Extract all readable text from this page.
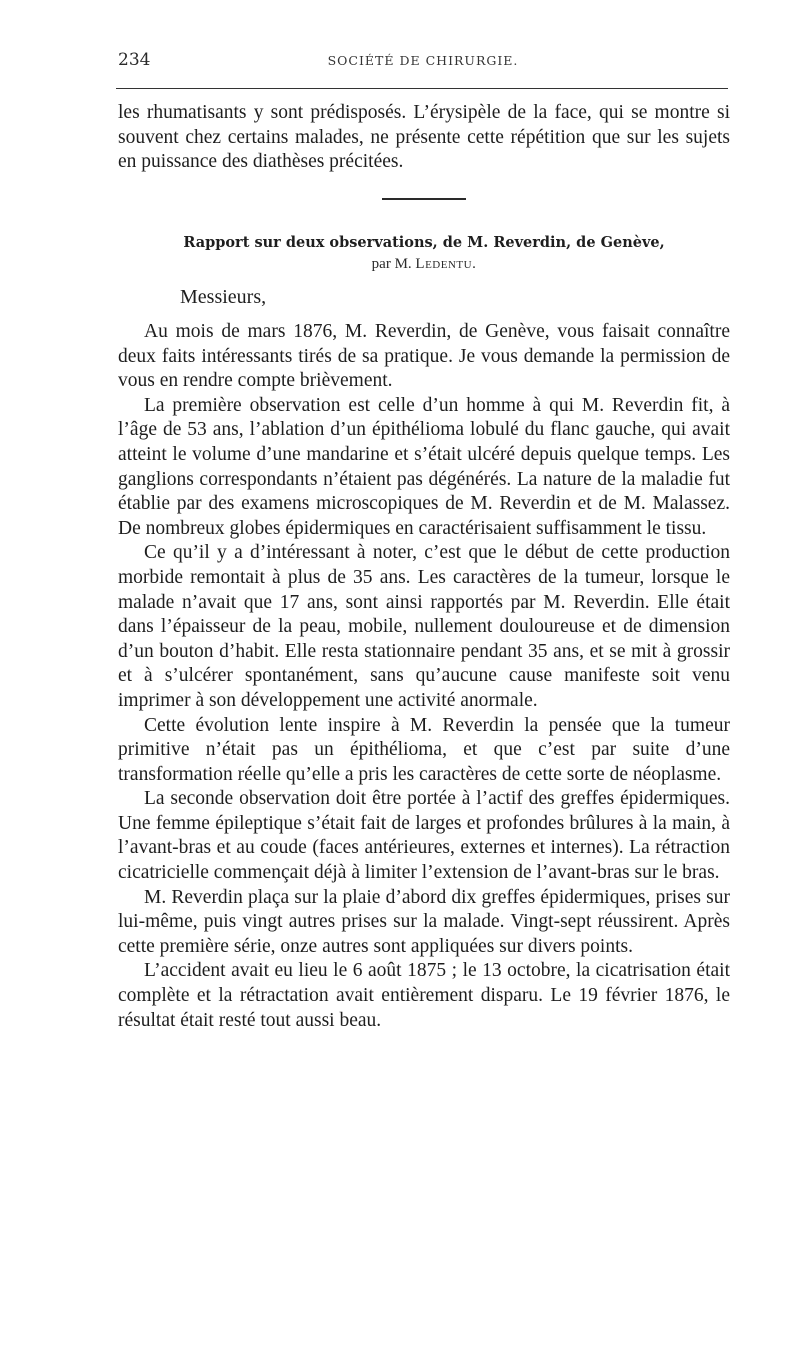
234	SOCIÉTÉ DE CHIRURGIE.

les rhumatisants y sont prédisposés. L’érysipèle de la face, qui se montre si souvent chez certains malades, ne présente cette répétition que sur les sujets en puissance des diathèses précitées.

Rapport sur deux observations, de M. Reverdin, de Genève,
par M. Ledentu.
Messieurs,

Au mois de mars 1876, M. Reverdin, de Genève, vous faisait connaître deux faits intéressants tirés de sa pratique. Je vous demande la permission de vous en rendre compte brièvement.

La première observation est celle d’un homme à qui M. Reverdin fit, à l’âge de 53 ans, l’ablation d’un épithélioma lobulé du flanc gauche, qui avait atteint le volume d’une mandarine et s’était ulcéré depuis quelque temps. Les ganglions correspondants n’étaient pas dégénérés. La nature de la maladie fut établie par des examens microscopiques de M. Reverdin et de M. Malassez. De nombreux globes épidermiques en caractérisaient suffisamment le tissu.

Ce qu’il y a d’intéressant à noter, c’est que le début de cette production morbide remontait à plus de 35 ans. Les caractères de la tumeur, lorsque le malade n’avait que 17 ans, sont ainsi rapportés par M. Reverdin. Elle était dans l’épaisseur de la peau, mobile, nullement douloureuse et de dimension d’un bouton d’habit. Elle resta stationnaire pendant 35 ans, et se mit à grossir et à s’ulcérer spontanément, sans qu’aucune cause manifeste soit venu imprimer à son développement une activité anormale.

Cette évolution lente inspire à M. Reverdin la pensée que la tumeur primitive n’était pas un épithélioma, et que c’est par suite d’une transformation réelle qu’elle a pris les caractères de cette sorte de néoplasme.

La seconde observation doit être portée à l’actif des greffes épidermiques. Une femme épileptique s’était fait de larges et profondes brûlures à la main, à l’avant-bras et au coude (faces antérieures, externes et internes). La rétraction cicatricielle commençait déjà à limiter l’extension de l’avant-bras sur le bras.

M. Reverdin plaça sur la plaie d’abord dix greffes épidermiques, prises sur lui-même, puis vingt autres prises sur la malade. Vingt-sept réussirent. Après cette première série, onze autres sont appliquées sur divers points.

L’accident avait eu lieu le 6 août 1875 ; le 13 octobre, la cicatrisation était complète et la rétractation avait entièrement disparu. Le 19 février 1876, le résultat était resté tout aussi beau.
